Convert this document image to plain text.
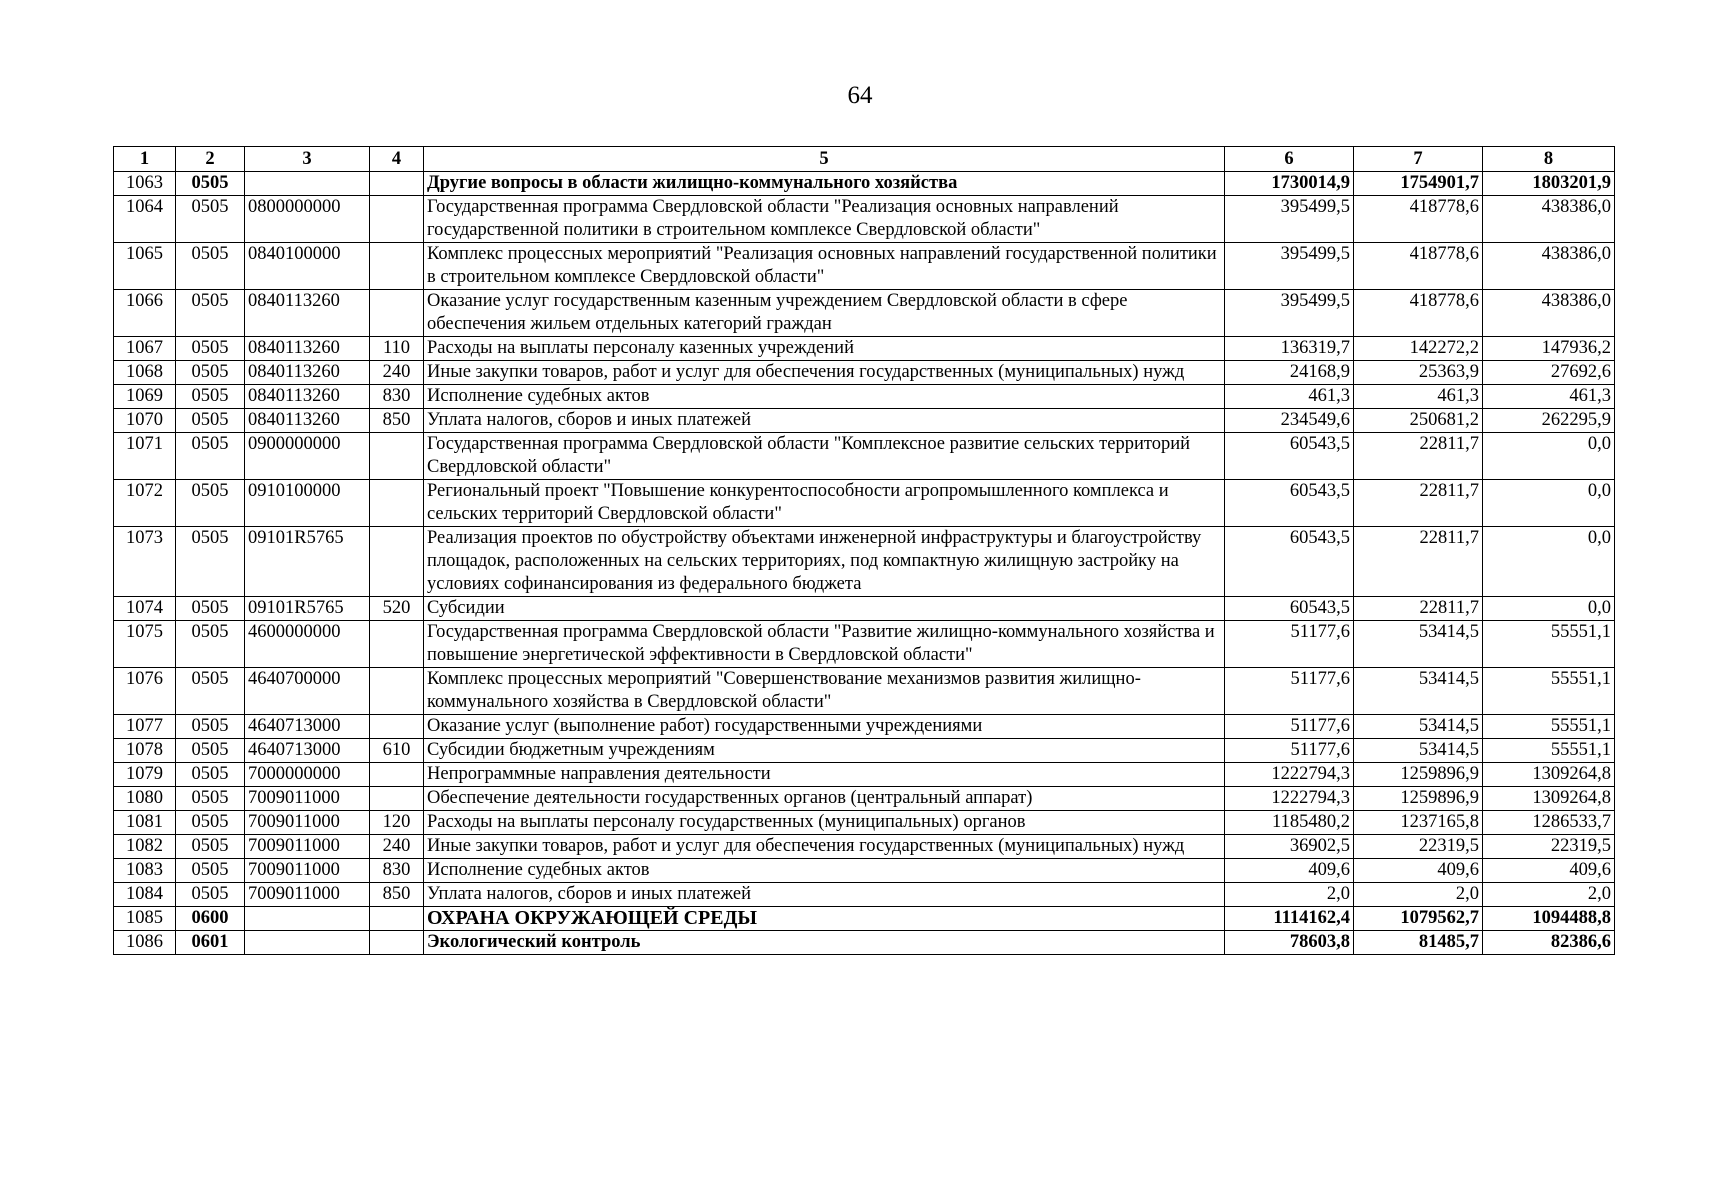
64
1	2	3	4	5	6	7	8
1063	0505			Другие вопросы в области жилищно-коммунального хозяйства	1730014,9	1754901,7	1803201,9
1064	0505	0800000000		Государственная программа Свердловской области "Реализация основных направлений государственной политики в строительном комплексе Свердловской области"	395499,5	418778,6	438386,0
1065	0505	0840100000		Комплекс процессных мероприятий "Реализация основных направлений государственной политики в строительном комплексе Свердловской области"	395499,5	418778,6	438386,0
1066	0505	0840113260		Оказание услуг государственным казенным учреждением Свердловской области в сфере обеспечения жильем отдельных категорий граждан	395499,5	418778,6	438386,0
1067	0505	0840113260	110	Расходы на выплаты персоналу казенных учреждений	136319,7	142272,2	147936,2
1068	0505	0840113260	240	Иные закупки товаров, работ и услуг для обеспечения государственных (муниципальных) нужд	24168,9	25363,9	27692,6
1069	0505	0840113260	830	Исполнение судебных актов	461,3	461,3	461,3
1070	0505	0840113260	850	Уплата налогов, сборов и иных платежей	234549,6	250681,2	262295,9
1071	0505	0900000000		Государственная программа Свердловской области "Комплексное развитие сельских территорий Свердловской области"	60543,5	22811,7	0,0
1072	0505	0910100000		Региональный проект "Повышение конкурентоспособности агропромышленного комплекса и сельских территорий Свердловской области"	60543,5	22811,7	0,0
1073	0505	09101R5765		Реализация проектов по обустройству объектами инженерной инфраструктуры и благоустройству площадок, расположенных на сельских территориях, под компактную жилищную застройку на условиях софинансирования из федерального бюджета	60543,5	22811,7	0,0
1074	0505	09101R5765	520	Субсидии	60543,5	22811,7	0,0
1075	0505	4600000000		Государственная программа Свердловской области "Развитие жилищно-коммунального хозяйства и повышение энергетической эффективности в Свердловской области"	51177,6	53414,5	55551,1
1076	0505	4640700000		Комплекс процессных мероприятий "Совершенствование механизмов развития жилищно-коммунального хозяйства в Свердловской области"	51177,6	53414,5	55551,1
1077	0505	4640713000		Оказание услуг (выполнение работ) государственными учреждениями	51177,6	53414,5	55551,1
1078	0505	4640713000	610	Субсидии бюджетным учреждениям	51177,6	53414,5	55551,1
1079	0505	7000000000		Непрограммные направления деятельности	1222794,3	1259896,9	1309264,8
1080	0505	7009011000		Обеспечение деятельности государственных органов (центральный аппарат)	1222794,3	1259896,9	1309264,8
1081	0505	7009011000	120	Расходы на выплаты персоналу государственных (муниципальных) органов	1185480,2	1237165,8	1286533,7
1082	0505	7009011000	240	Иные закупки товаров, работ и услуг для обеспечения государственных (муниципальных) нужд	36902,5	22319,5	22319,5
1083	0505	7009011000	830	Исполнение судебных актов	409,6	409,6	409,6
1084	0505	7009011000	850	Уплата налогов, сборов и иных платежей	2,0	2,0	2,0
1085	0600			ОХРАНА ОКРУЖАЮЩЕЙ СРЕДЫ	1114162,4	1079562,7	1094488,8
1086	0601			Экологический контроль	78603,8	81485,7	82386,6
